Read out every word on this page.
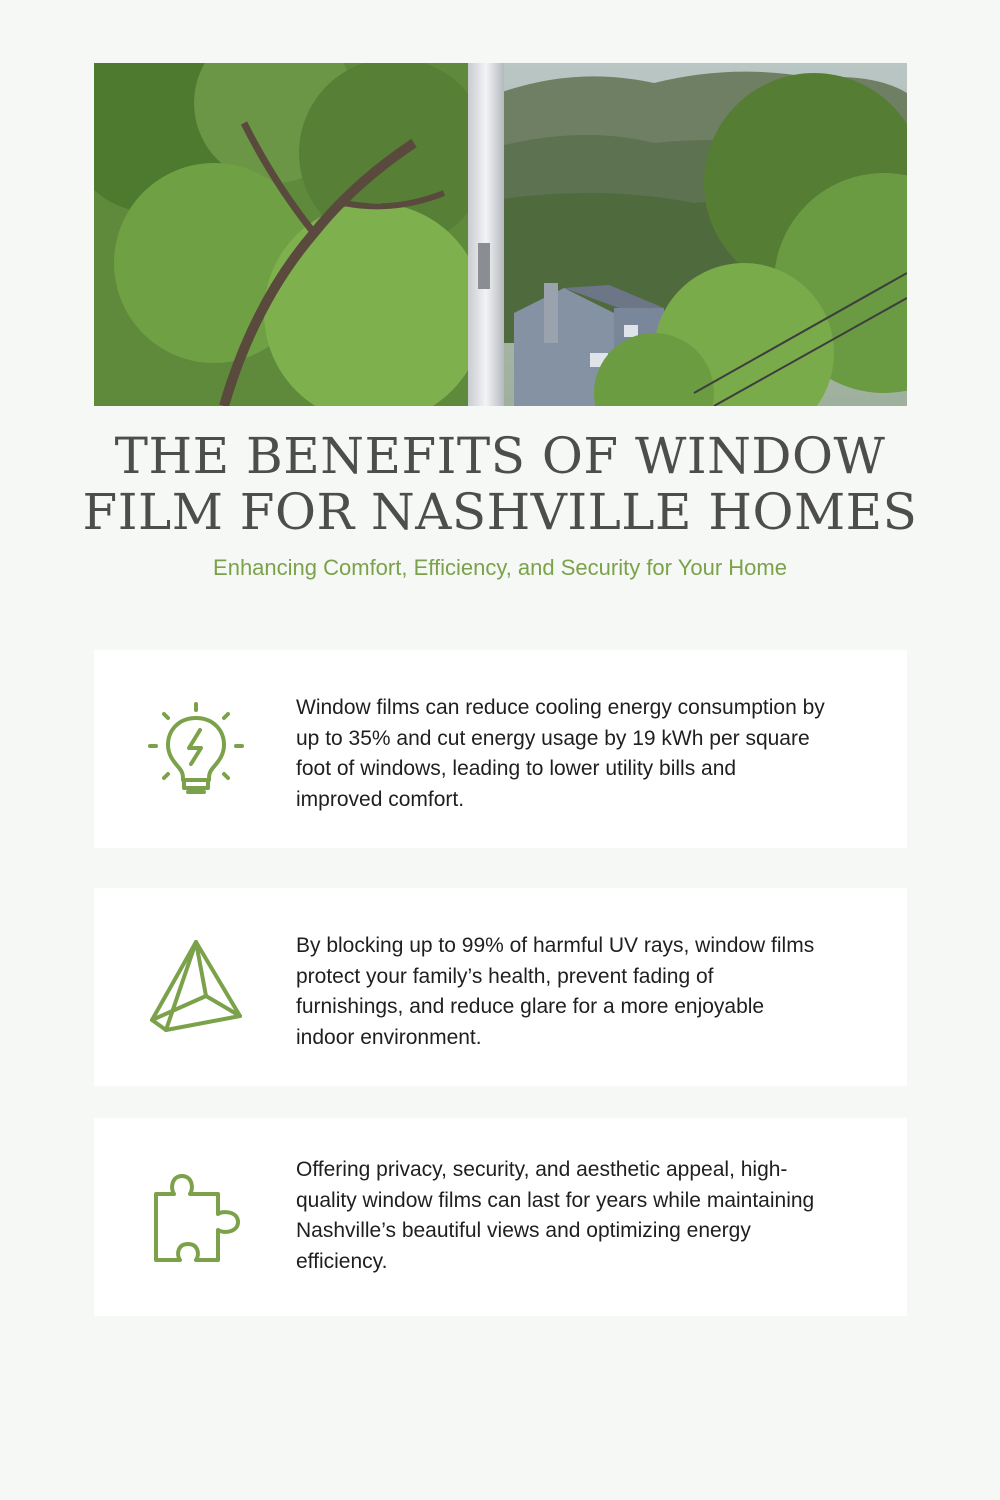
THE BENEFITS OF WINDOW FILM FOR NASHVILLE HOMES

Enhancing Comfort, Efficiency, and Security for Your Home

Window films can reduce cooling energy consumption by up to 35% and cut energy usage by 19 kWh per square foot of windows, leading to lower utility bills and improved comfort.

By blocking up to 99% of harmful UV rays, window films protect your family’s health, prevent fading of furnishings, and reduce glare for a more enjoyable indoor environment.

Offering privacy, security, and aesthetic appeal, high-quality window films can last for years while maintaining Nashville’s beautiful views and optimizing energy efficiency.
